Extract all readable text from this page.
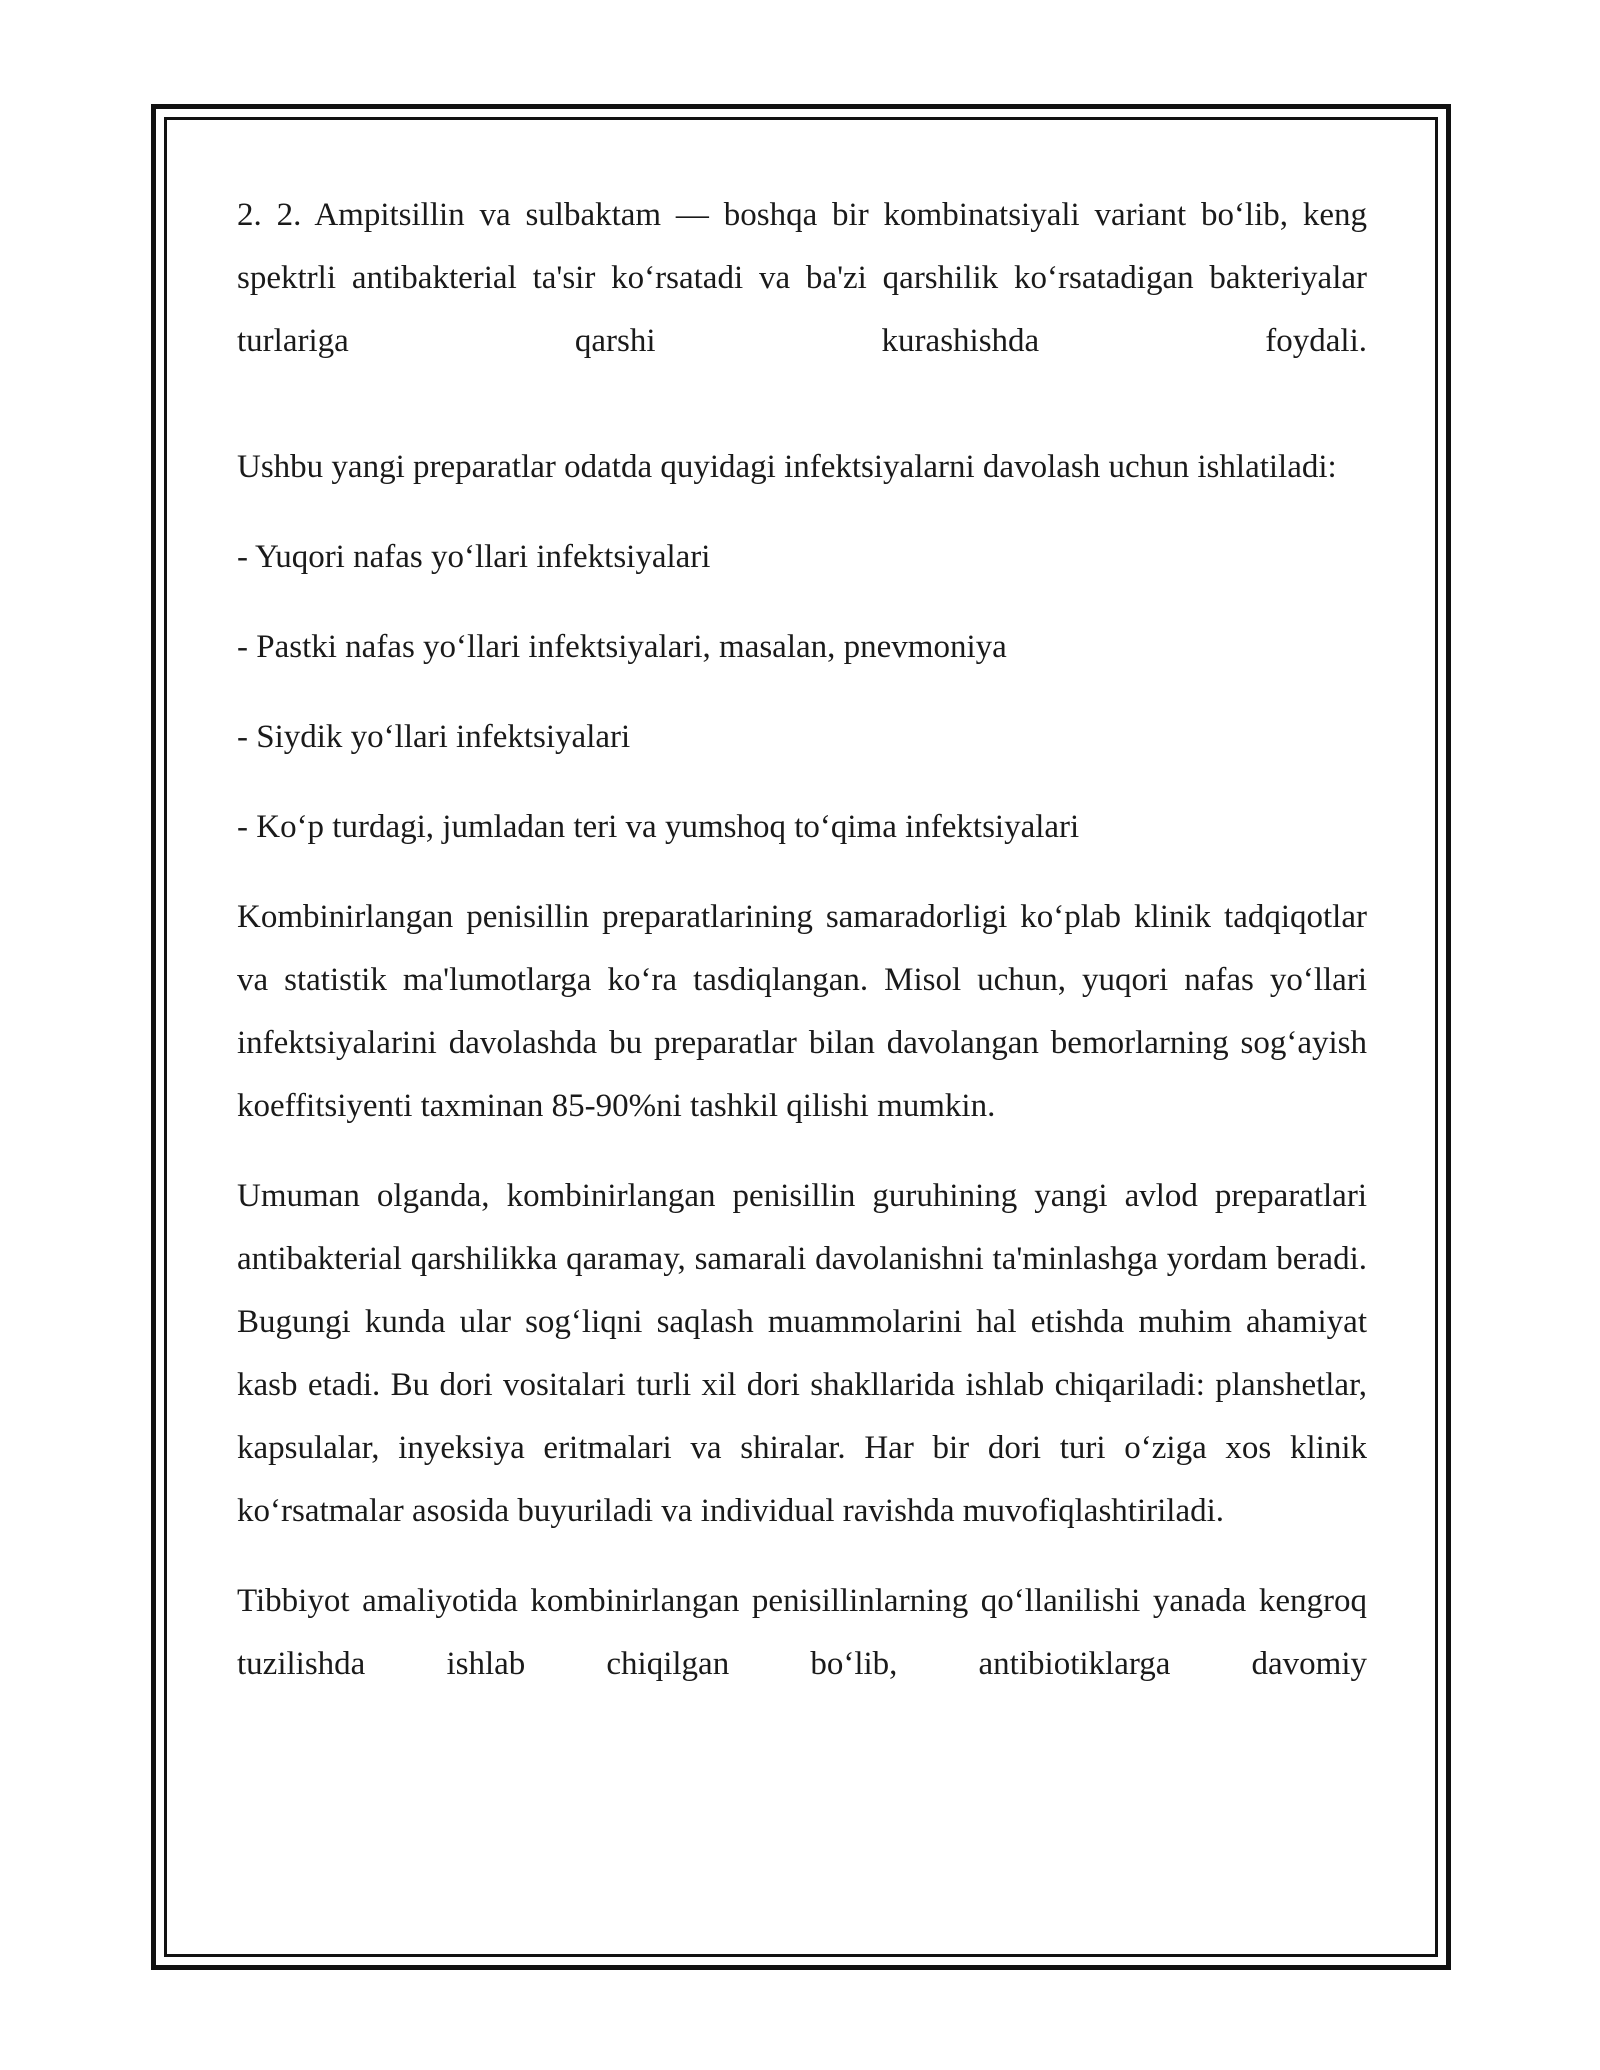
2. 2. Ampitsillin va sulbaktam — boshqa bir kombinatsiyali variant bo‘lib, keng spektrli antibakterial ta'sir ko‘rsatadi va ba'zi qarshilik ko‘rsatadigan bakteriyalar turlariga qarshi kurashishda foydali.

Ushbu yangi preparatlar odatda quyidagi infektsiyalarni davolash uchun ishlatiladi:

- Yuqori nafas yo‘llari infektsiyalari

- Pastki nafas yo‘llari infektsiyalari, masalan, pnevmoniya

- Siydik yo‘llari infektsiyalari

- Ko‘p turdagi, jumladan teri va yumshoq to‘qima infektsiyalari

Kombinirlangan penisillin preparatlarining samaradorligi ko‘plab klinik tadqiqotlar va statistik ma'lumotlarga ko‘ra tasdiqlangan. Misol uchun, yuqori nafas yo‘llari infektsiyalarini davolashda bu preparatlar bilan davolangan bemorlarning sog‘ayish koeffitsiyenti taxminan 85-90%ni tashkil qilishi mumkin.

Umuman olganda, kombinirlangan penisillin guruhining yangi avlod preparatlari antibakterial qarshilikka qaramay, samarali davolanishni ta'minlashga yordam beradi. Bugungi kunda ular sog‘liqni saqlash muammolarini hal etishda muhim ahamiyat kasb etadi. Bu dori vositalari turli xil dori shakllarida ishlab chiqariladi: planshetlar, kapsulalar, inyeksiya eritmalari va shiralar. Har bir dori turi o‘ziga xos klinik ko‘rsatmalar asosida buyuriladi va individual ravishda muvofiqlashtiriladi.

Tibbiyot amaliyotida kombinirlangan penisillinlarning qo‘llanilishi yanada kengroq tuzilishda ishlab chiqilgan bo‘lib, antibiotiklarga davomiy
